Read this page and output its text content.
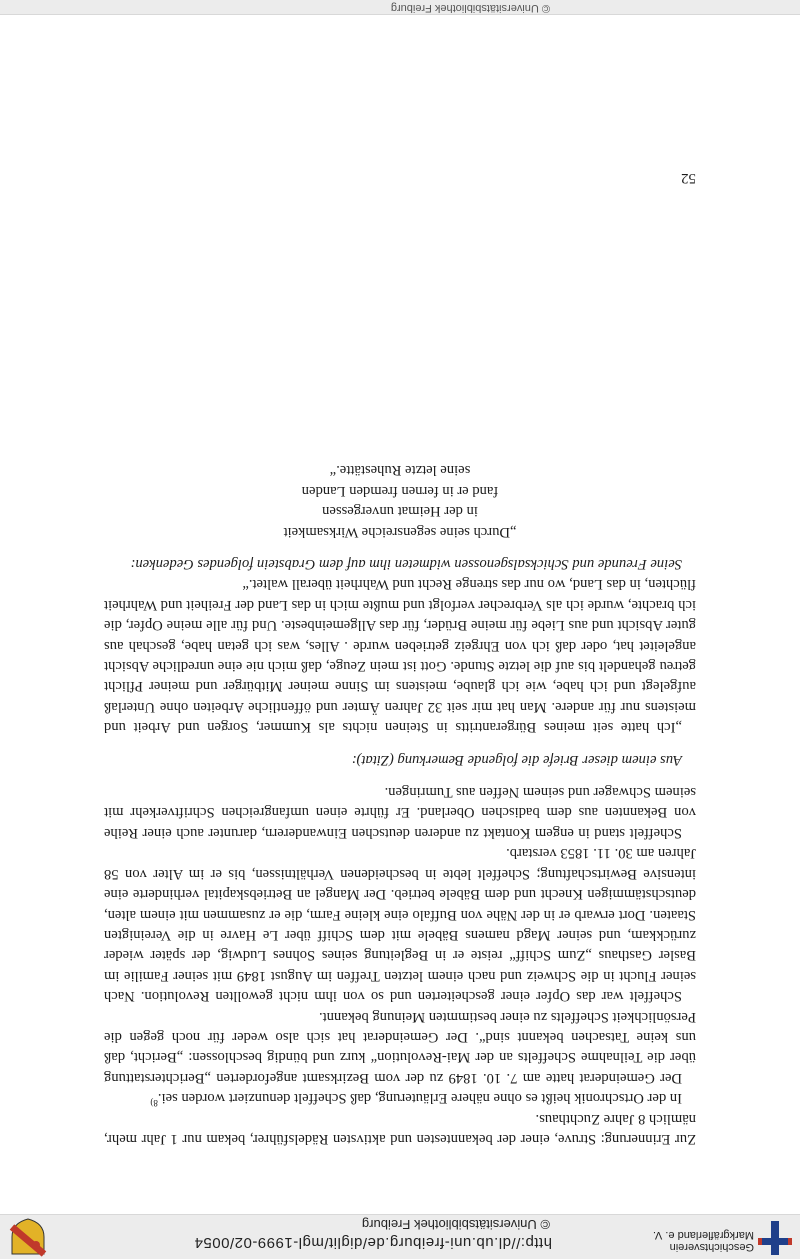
Geschichtsverein
Markgräflerland e. V.
http://dl.ub.uni-freiburg.de/diglit/mgl-1999-02/0054
© Universitätsbibliothek Freiburg

Zur Erinnerung: Struve, einer der bekanntesten und aktivsten Rädelsführer, bekam nur 1 Jahr mehr, nämlich 8 Jahre Zuchthaus.

In der Ortschronik heißt es ohne nähere Erläuterung, daß Scheffelt denunziert worden sei.$^{8)}$

Der Gemeinderat hatte am 7. 10. 1849 zu der vom Bezirksamt angeforderten „Berichterstattung über die Teilnahme Scheffelts an der Mai-Revolution“ kurz und bündig beschlossen: „Bericht, daß uns keine Tatsachen bekannt sind“. Der Gemeinderat hat sich also weder für noch gegen die Persönlichkeit Scheffelts zu einer bestimmten Meinung bekannt.

Scheffelt war das Opfer einer gescheiterten und so von ihm nicht gewollten Revolution. Nach seiner Flucht in die Schweiz und nach einem letzten Treffen im August 1849 mit seiner Familie im Basler Gasthaus „Zum Schiff“ reiste er in Begleitung seines Sohnes Ludwig, der später wieder zurückkam, und seiner Magd namens Bäbele mit dem Schiff über Le Havre in die Vereinigten Staaten. Dort erwarb er in der Nähe von Buffalo eine kleine Farm, die er zusammen mit einem alten, deutschstämmigen Knecht und dem Bäbele betrieb. Der Mangel an Betriebskapital verhinderte eine intensive Bewirtschaftung; Scheffelt lebte in bescheidenen Verhältnissen, bis er im Alter von 58 Jahren am 30. 11. 1853 verstarb.

Scheffelt stand in engem Kontakt zu anderen deutschen Einwanderern, darunter auch einer Reihe von Bekannten aus dem badischen Oberland. Er führte einen umfangreichen Schriftverkehr mit seinem Schwager und seinem Neffen aus Tumringen.

Aus einem dieser Briefe die folgende Bemerkung (Zitat):

„Ich hatte seit meines Bürgerantritts in Steinen nichts als Kummer, Sorgen und Arbeit und meistens nur für andere. Man hat mir seit 32 Jahren Ämter und öffentliche Arbeiten ohne Unterlaß aufgelegt und ich habe, wie ich glaube, meistens im Sinne meiner Mitbürger und meiner Pflicht getreu gehandelt bis auf die letzte Stunde. Gott ist mein Zeuge, daß mich nie eine unredliche Absicht angeleitet hat, oder daß ich von Ehrgeiz getrieben wurde . Alles, was ich getan habe, geschah aus guter Absicht und aus Liebe für meine Brüder, für das Allgemeinbeste. Und für alle meine Opfer, die ich brachte, wurde ich als Verbrecher verfolgt und mußte mich in das Land der Freiheit und Wahrheit flüchten, in das Land, wo nur das strenge Recht und Wahrheit überall waltet.“

Seine Freunde und Schicksalsgenossen widmeten ihm auf dem Grabstein folgendes Gedenken:

„Durch seine segensreiche Wirksamkeit
in der Heimat unvergessen
fand er in fernen fremden Landen
seine letzte Ruhestätte.“
52
© Universitätsbibliothek Freiburg
